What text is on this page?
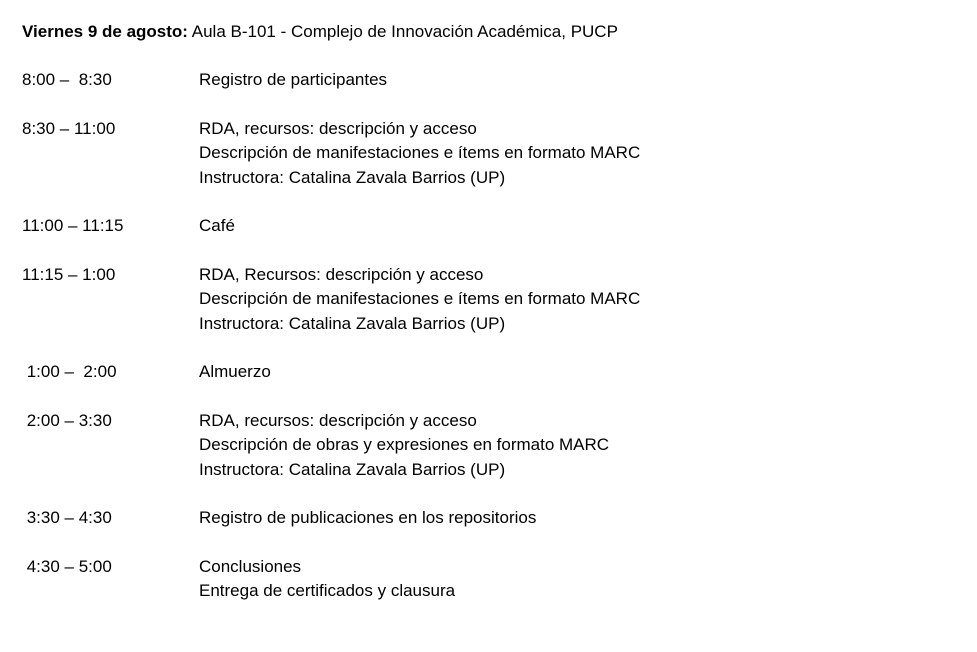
Viernes 9 de agosto: Aula B-101 - Complejo de Innovación Académica, PUCP
8:00 –  8:30	Registro de participantes
8:30 – 11:00	RDA, recursos: descripción y acceso
Descripción de manifestaciones e ítems en formato MARC
Instructora: Catalina Zavala Barrios (UP)
11:00 – 11:15	Café
11:15 – 1:00	RDA, Recursos: descripción y acceso
Descripción de manifestaciones e ítems en formato MARC
Instructora: Catalina Zavala Barrios (UP)
1:00 –  2:00	Almuerzo
2:00 – 3:30	RDA, recursos: descripción y acceso
Descripción de obras y expresiones en formato MARC
Instructora: Catalina Zavala Barrios (UP)
3:30 – 4:30	Registro de publicaciones en los repositorios
4:30 – 5:00	Conclusiones
Entrega de certificados y clausura
